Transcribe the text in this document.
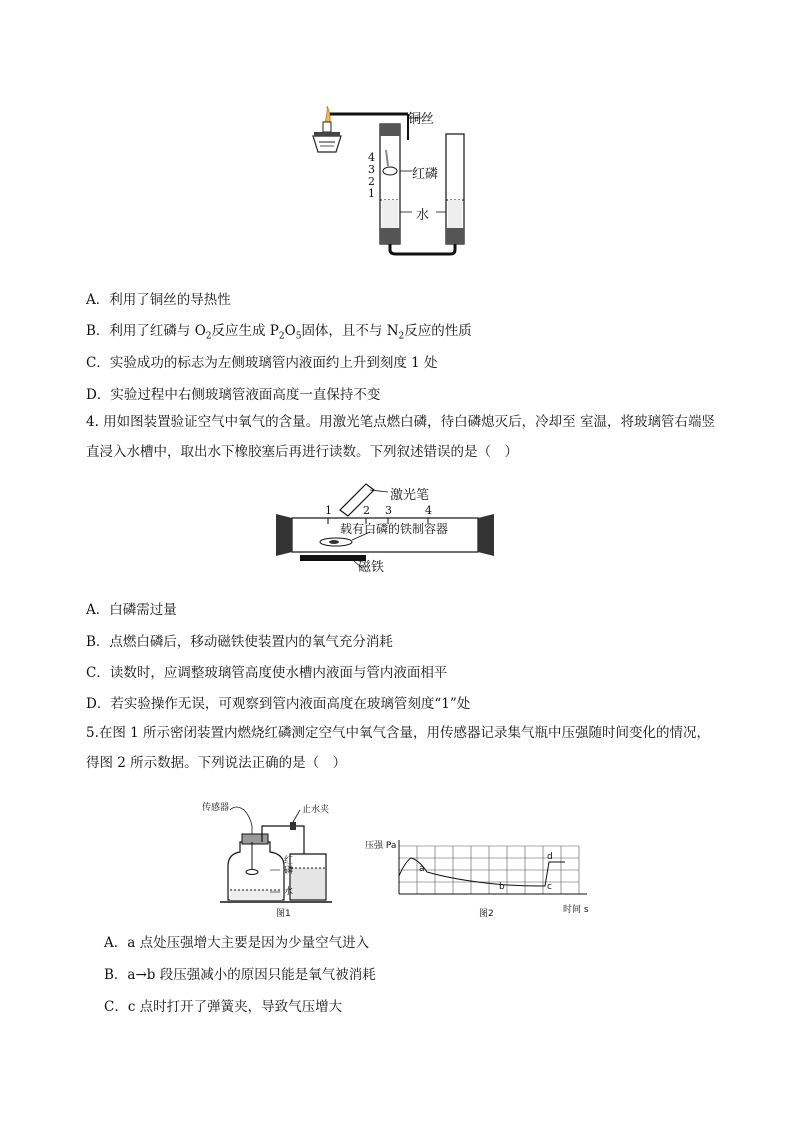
4
3
2
1
铜丝
红磷
水
A．利用了铜丝的导热性
B．利用了红磷与 $O_2$反应生成 $P_2O_5$固体，且不与 $N_2$反应的性质
C．实验成功的标志为左侧玻璃管内液面约上升到刻度 1 处
D．实验过程中右侧玻璃管液面高度一直保持不变
4. 用如图装置验证空气中氧气的含量。用激光笔点燃白磷，待白磷熄灭后，冷却至 室温，将玻璃管右端竖直浸入水槽中，取出水下橡胶塞后再进行读数。下列叙述错误的是（　）
1	2 3	4
激光笔
载有白磷的铁制容器
磁铁
A．白磷需过量
B．点燃白磷后，移动磁铁使装置内的氧气充分消耗
C．读数时，应调整玻璃管高度使水槽内液面与管内液面相平
D．若实验操作无误，可观察到管内液面高度在玻璃管刻度“1”处
5.在图 1 所示密闭装置内燃烧红磷测定空气中氧气含量，用传感器记录集气瓶中压强随时间变化的情况，得图 2 所示数据。下列说法正确的是（　）
传感器	止水夹
红磷
水
图1
压强 Pa
a
b	c
d
时间 s
图2
A．a 点处压强增大主要是因为少量空气进入
B．a→b 段压强减小的原因只能是氧气被消耗
C．c 点时打开了弹簧夹，导致气压增大
